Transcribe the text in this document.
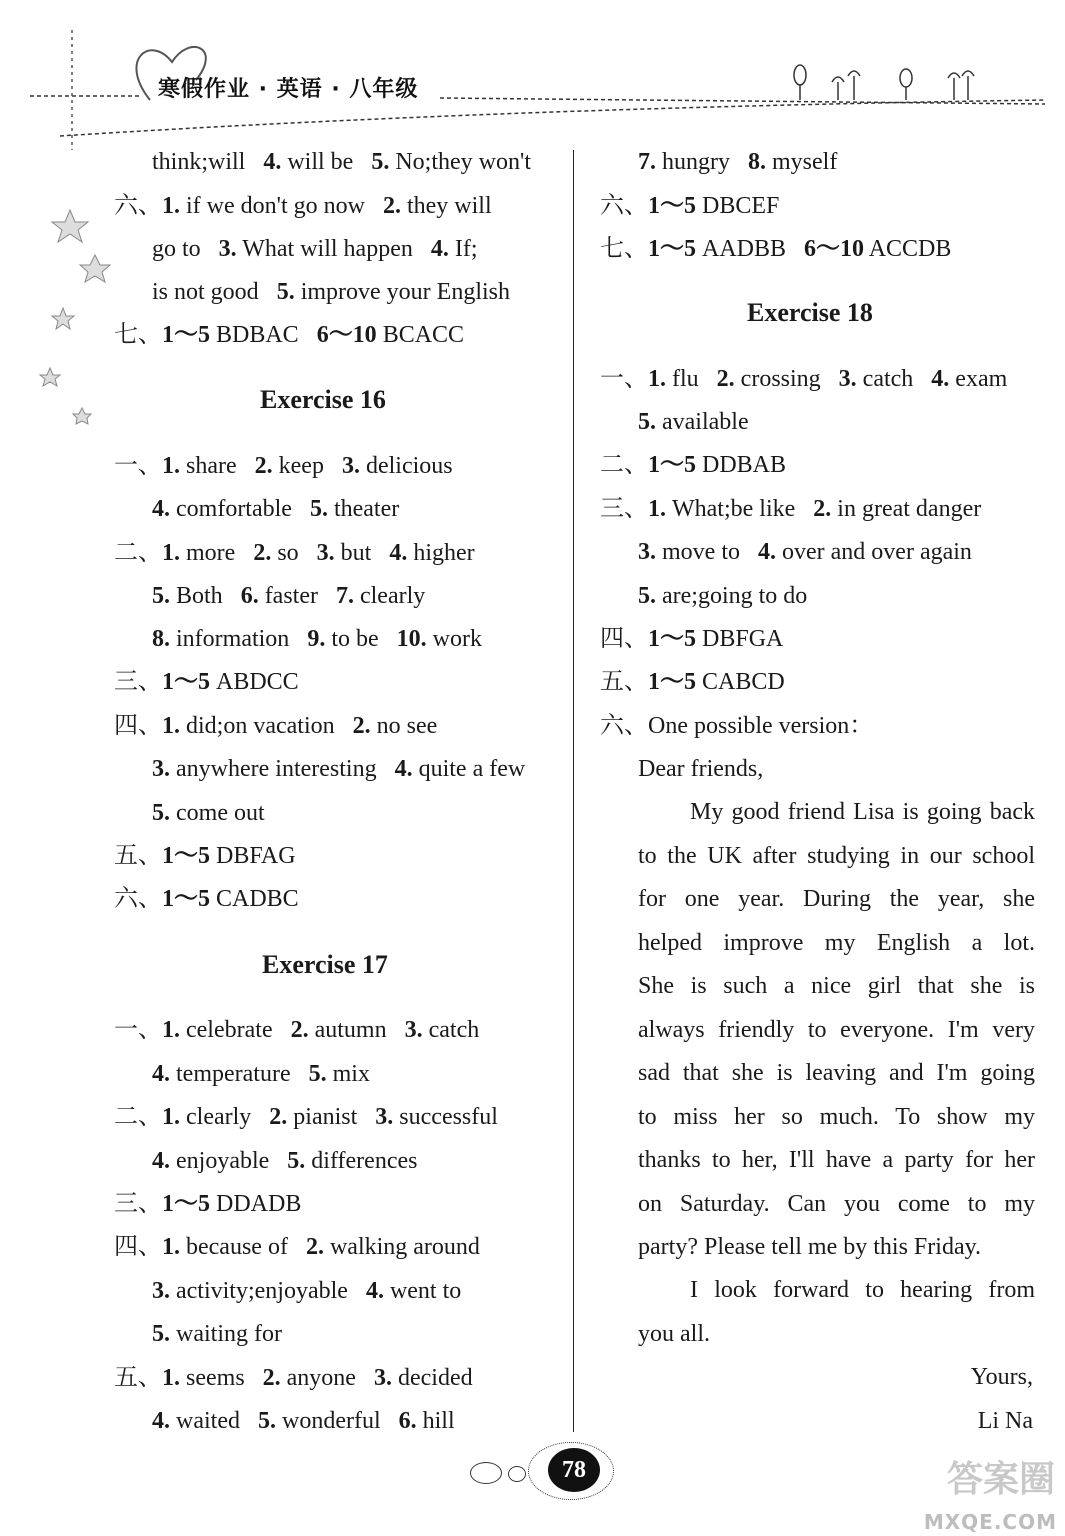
寒假作业 · 英语 · 八年级
think;will 4. will be 5. No;they won't
六、1. if we don't go now 2. they will
go to 3. What will happen 4. If;
is not good 5. improve your English
七、1～5 BDBAC 6～10 BCACC
Exercise 16
一、1. share 2. keep 3. delicious
4. comfortable 5. theater
二、1. more 2. so 3. but 4. higher
5. Both 6. faster 7. clearly
8. information 9. to be 10. work
三、1～5 ABDCC
四、1. did;on vacation 2. no see
3. anywhere interesting 4. quite a few
5. come out
五、1～5 DBFAG
六、1～5 CADBC
Exercise 17
一、1. celebrate 2. autumn 3. catch
4. temperature 5. mix
二、1. clearly 2. pianist 3. successful
4. enjoyable 5. differences
三、1～5 DDADB
四、1. because of 2. walking around
3. activity;enjoyable 4. went to
5. waiting for
五、1. seems 2. anyone 3. decided
4. waited 5. wonderful 6. hill
7. hungry 8. myself
六、1～5 DBCEF
七、1～5 AADBB 6～10 ACCDB
Exercise 18
一、1. flu 2. crossing 3. catch 4. exam
5. available
二、1～5 DDBAB
三、1. What;be like 2. in great danger
3. move to 4. over and over again
5. are;going to do
四、1～5 DBFGA
五、1～5 CABCD
六、One possible version：
Dear friends,
My good friend Lisa is going back
to the UK after studying in our school
for one year. During the year, she
helped improve my English a lot.
She is such a nice girl that she is
always friendly to everyone. I'm very
sad that she is leaving and I'm going
to miss her so much. To show my
thanks to her, I'll have a party for her
on Saturday. Can you come to my
party? Please tell me by this Friday.
I look forward to hearing from
you all.
Yours,
Li Na
78	答案圈
MXQE.COM
